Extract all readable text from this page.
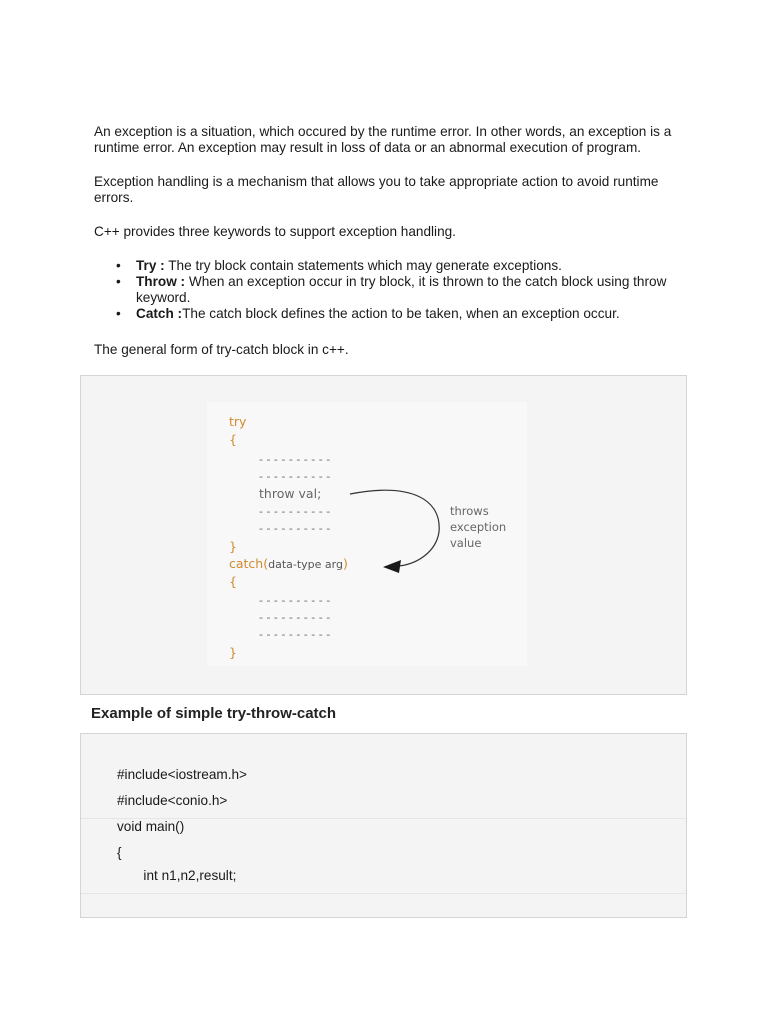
An exception is a situation, which occured by the runtime error. In other words, an exception is a runtime error. An exception may result in loss of data or an abnormal execution of program.

Exception handling is a mechanism that allows you to take appropriate action to avoid runtime errors.

C++ provides three keywords to support exception handling.

• Try : The try block contain statements which may generate exceptions.
• Throw : When an exception occur in try block, it is thrown to the catch block using throw keyword.
• Catch :The catch block defines the action to be taken, when an exception occur.

The general form of try-catch block in c++.

try
{
- - - - - - - - - -
- - - - - - - - - -
throw val;
- - - - - - - - - -
- - - - - - - - - -
}
catch(data-type arg)
{
- - - - - - - - - -
- - - - - - - - - -
- - - - - - - - - -
}
throws
exception
value
Example of simple try-throw-catch
#include<iostream.h>
#include<conio.h>
void main()
{
int n1,n2,result;
